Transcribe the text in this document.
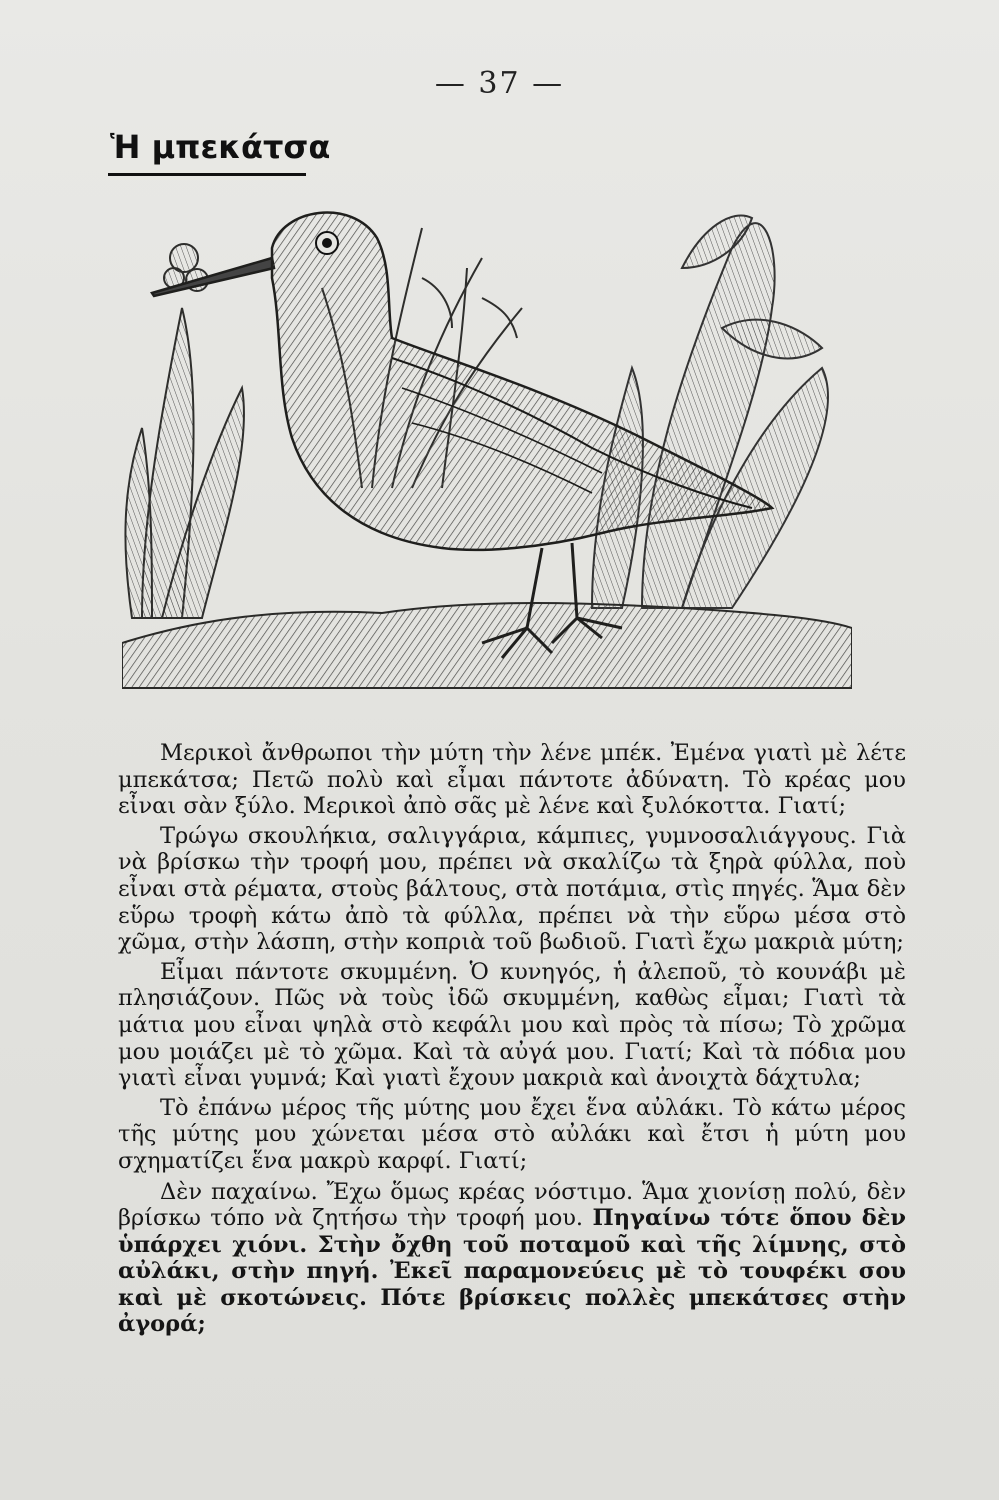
— 37 —
Ἡ μπεκάτσα

Μερικοὶ ἄνθρωποι τὴν μύτη τὴν λένε μπέκ. Ἐμένα γιατὶ μὲ λέτε μπεκάτσα; Πετῶ πολὺ καὶ εἶμαι πάντοτε ἀδύνατη. Τὸ κρέας μου εἶναι σὰν ξύλο. Μερικοὶ ἀπὸ σᾶς μὲ λένε καὶ ξυλόκοττα. Γιατί;

Τρώγω σκουλήκια, σαλιγγάρια, κάμπιες, γυμνοσαλιάγγους. Γιὰ νὰ βρίσκω τὴν τροφή μου, πρέπει νὰ σκαλίζω τὰ ξηρὰ φύλλα, ποὺ εἶναι στὰ ρέματα, στοὺς βάλτους, στὰ ποτάμια, στὶς πηγές. Ἅμα δὲν εὕρω τροφὴ κάτω ἀπὸ τὰ φύλλα, πρέπει νὰ τὴν εὕρω μέσα στὸ χῶμα, στὴν λάσπη, στὴν κοπριὰ τοῦ βωδιοῦ. Γιατὶ ἔχω μακριὰ μύτη;

Εἶμαι πάντοτε σκυμμένη. Ὁ κυνηγός, ἡ ἀλεποῦ, τὸ κουνάβι μὲ πλησιάζουν. Πῶς νὰ τοὺς ἰδῶ σκυμμένη, καθὼς εἶμαι; Γιατὶ τὰ μάτια μου εἶναι ψηλὰ στὸ κεφάλι μου καὶ πρὸς τὰ πίσω; Τὸ χρῶμα μου μοιάζει μὲ τὸ χῶμα. Καὶ τὰ αὐγά μου. Γιατί; Καὶ τὰ πόδια μου γιατὶ εἶναι γυμνά; Καὶ γιατὶ ἔχουν μακριὰ καὶ ἀνοιχτὰ δάχτυλα;

Τὸ ἐπάνω μέρος τῆς μύτης μου ἔχει ἕνα αὐλάκι. Τὸ κάτω μέρος τῆς μύτης μου χώνεται μέσα στὸ αὐλάκι καὶ ἔτσι ἡ μύτη μου σχηματίζει ἕνα μακρὺ καρφί. Γιατί;

Δὲν παχαίνω. Ἔχω ὅμως κρέας νόστιμο. Ἅμα χιονίσῃ πολύ, δὲν βρίσκω τόπο νὰ ζητήσω τὴν τροφή μου. Πηγαίνω τότε ὅπου δὲν ὑπάρχει χιόνι. Στὴν ὄχθη τοῦ ποταμοῦ καὶ τῆς λίμνης, στὸ αὐλάκι, στὴν πηγή. Ἐκεῖ παραμονεύεις μὲ τὸ τουφέκι σου καὶ μὲ σκοτώνεις. Πότε βρίσκεις πολλὲς μπεκάτσες στὴν ἀγορά;
